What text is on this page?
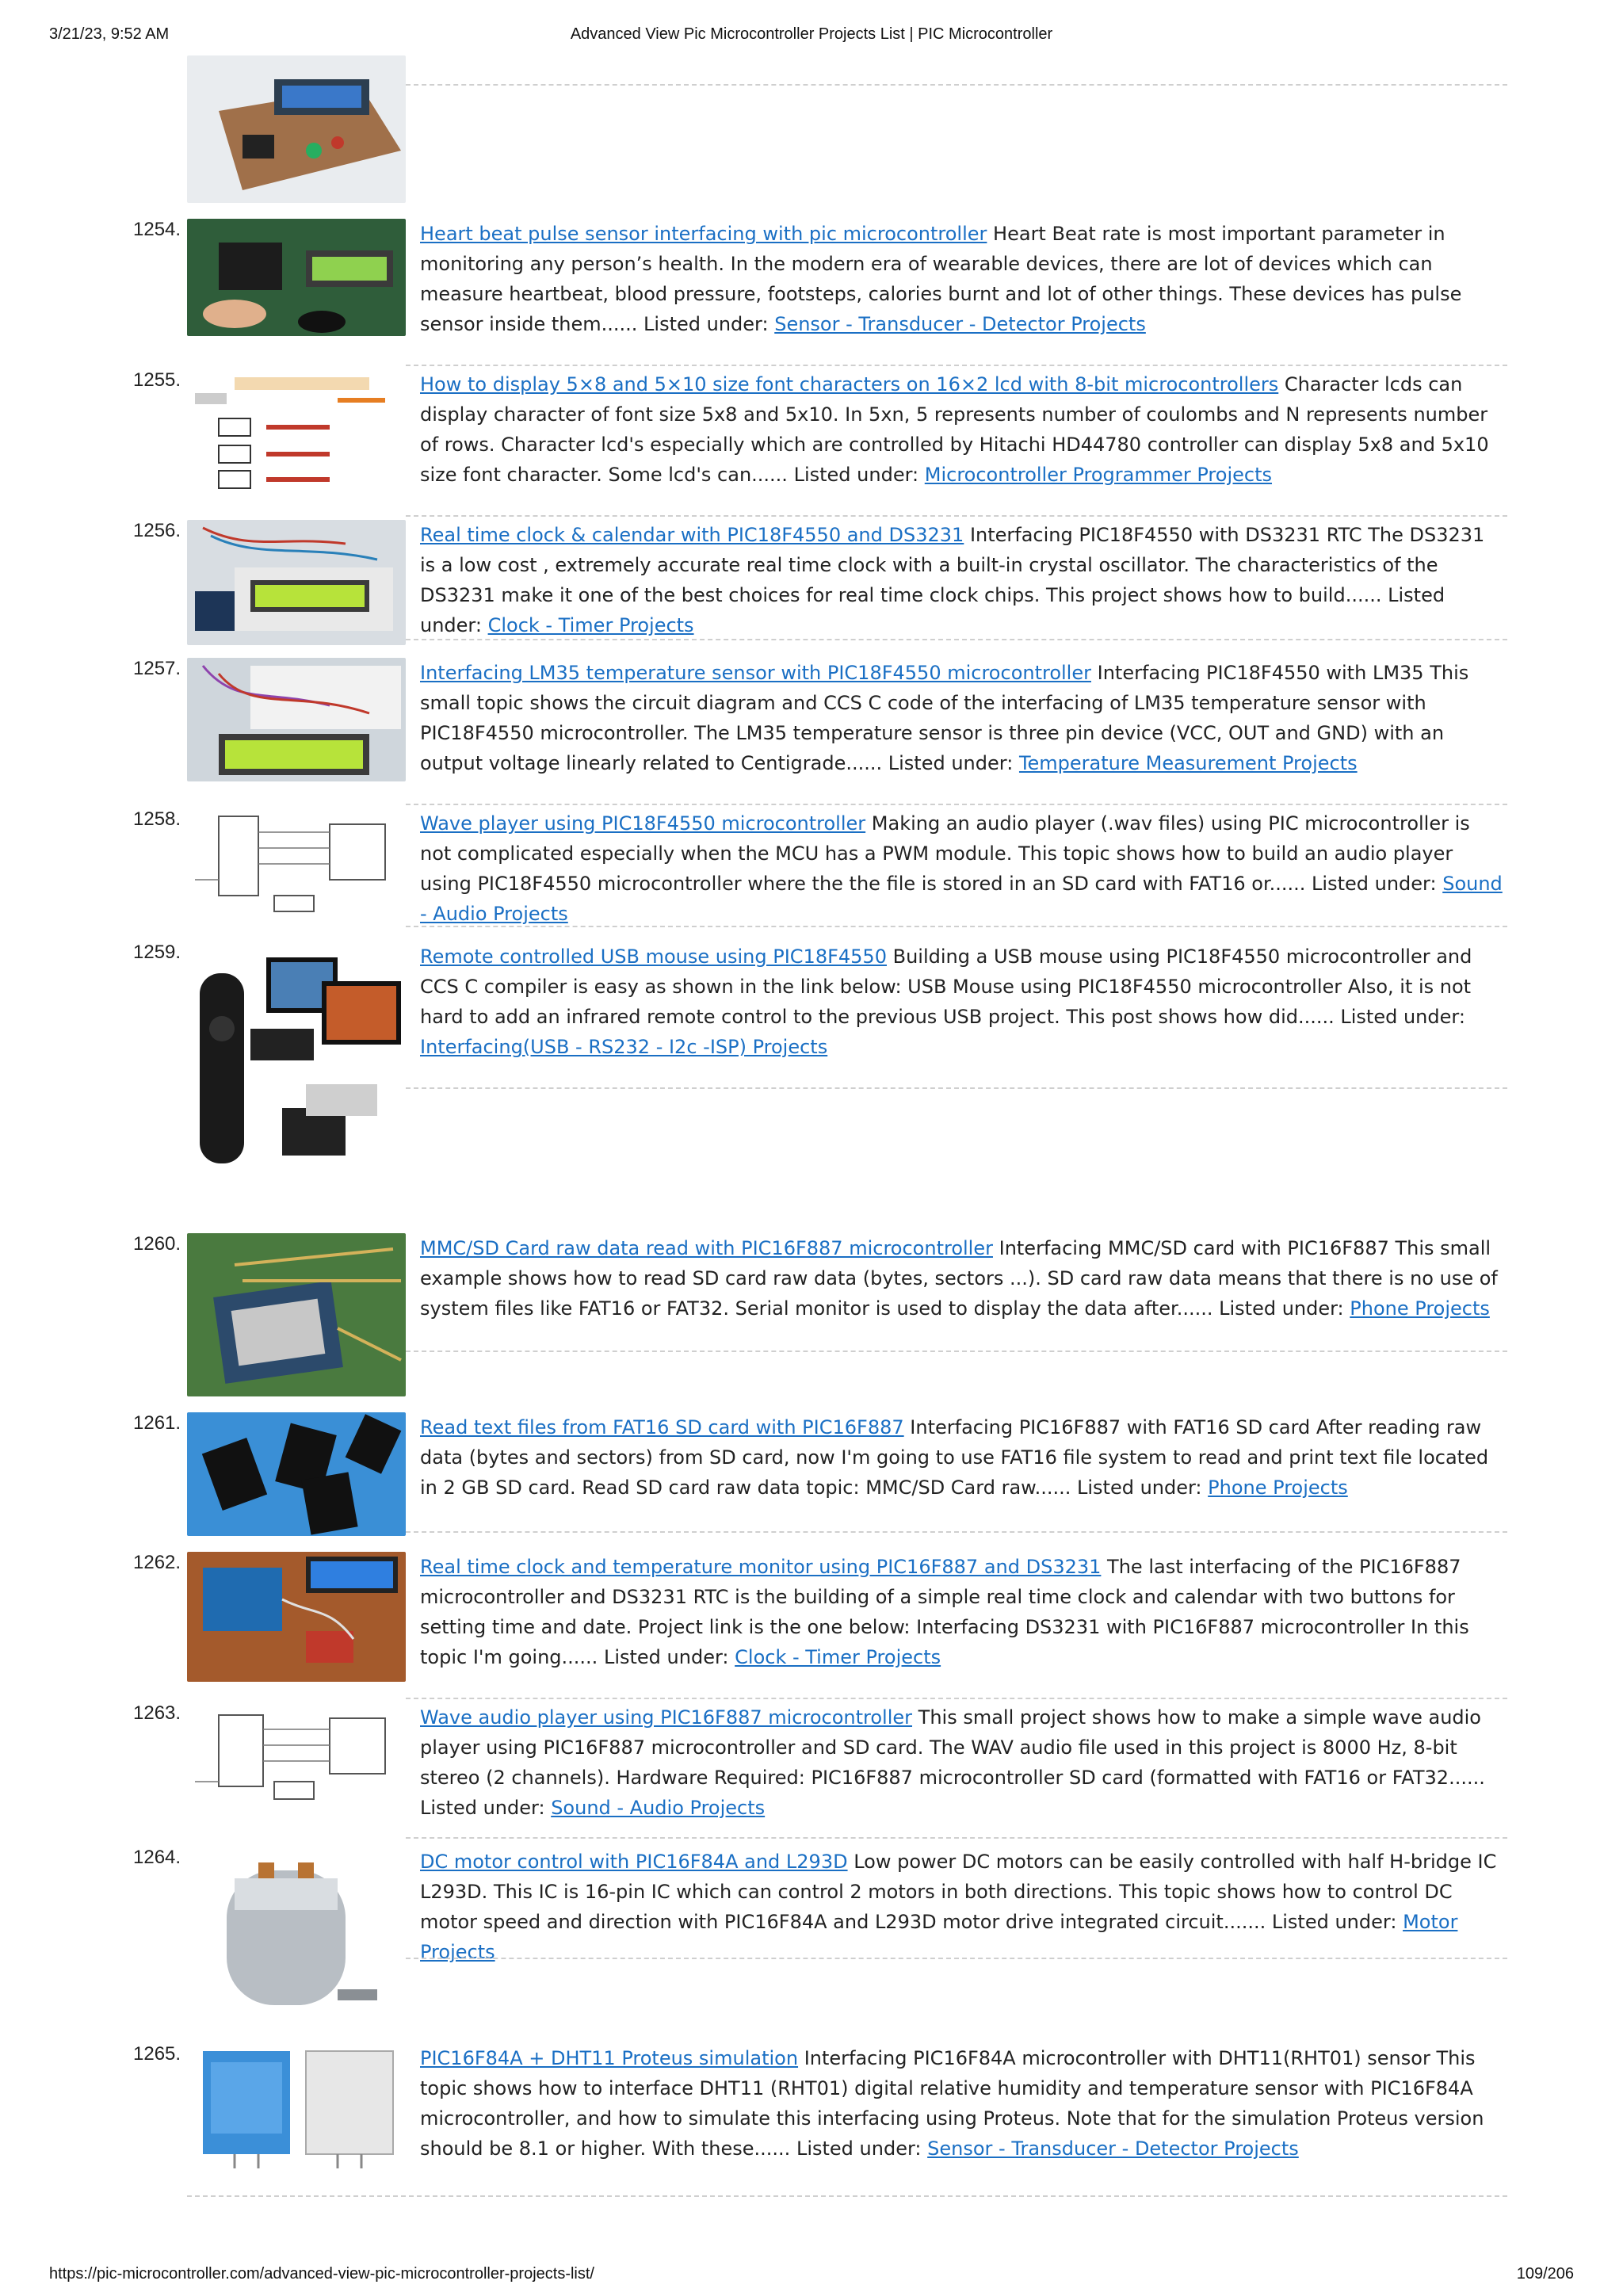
3/21/23, 9:52 AM	Advanced View Pic Microcontroller Projects List | PIC Microcontroller
1254.	Heart beat pulse sensor interfacing with pic microcontroller Heart Beat rate is most important parameter in monitoring any person’s health. In the modern era of wearable devices, there are lot of devices which can measure heartbeat, blood pressure, footsteps, calories burnt and lot of other things. These devices has pulse sensor inside them...... Listed under: Sensor - Transducer - Detector Projects
1255.	How to display 5×8 and 5×10 size font characters on 16×2 lcd with 8-bit microcontrollers Character lcds can display character of font size 5x8 and 5x10. In 5xn, 5 represents number of coulombs and N represents number of rows. Character lcd's especially which are controlled by Hitachi HD44780 controller can display 5x8 and 5x10 size font character. Some lcd's can...... Listed under: Microcontroller Programmer Projects
1256.	Real time clock & calendar with PIC18F4550 and DS3231 Interfacing PIC18F4550 with DS3231 RTC The DS3231 is a low cost , extremely accurate real time clock with a built-in crystal oscillator. The characteristics of the DS3231 make it one of the best choices for real time clock chips. This project shows how to build...... Listed under: Clock - Timer Projects
1257.	Interfacing LM35 temperature sensor with PIC18F4550 microcontroller Interfacing PIC18F4550 with LM35 This small topic shows the circuit diagram and CCS C code of the interfacing of LM35 temperature sensor with PIC18F4550 microcontroller. The LM35 temperature sensor is three pin device (VCC, OUT and GND) with an output voltage linearly related to Centigrade...... Listed under: Temperature Measurement Projects
1258.	Wave player using PIC18F4550 microcontroller Making an audio player (.wav files) using PIC microcontroller is not complicated especially when the MCU has a PWM module. This topic shows how to build an audio player using PIC18F4550 microcontroller where the the file is stored in an SD card with FAT16 or...... Listed under: Sound - Audio Projects
1259.	Remote controlled USB mouse using PIC18F4550 Building a USB mouse using PIC18F4550 microcontroller and CCS C compiler is easy as shown in the link below: USB Mouse using PIC18F4550 microcontroller Also, it is not hard to add an infrared remote control to the previous USB project. This post shows how did...... Listed under: Interfacing(USB - RS232 - I2c -ISP) Projects
1260.	MMC/SD Card raw data read with PIC16F887 microcontroller Interfacing MMC/SD card with PIC16F887 This small example shows how to read SD card raw data (bytes, sectors ...). SD card raw data means that there is no use of system files like FAT16 or FAT32. Serial monitor is used to display the data after...... Listed under: Phone Projects
1261.	Read text files from FAT16 SD card with PIC16F887 Interfacing PIC16F887 with FAT16 SD card After reading raw data (bytes and sectors) from SD card, now I'm going to use FAT16 file system to read and print text file located in 2 GB SD card. Read SD card raw data topic: MMC/SD Card raw...... Listed under: Phone Projects
1262.	Real time clock and temperature monitor using PIC16F887 and DS3231 The last interfacing of the PIC16F887 microcontroller and DS3231 RTC is the building of a simple real time clock and calendar with two buttons for setting time and date. Project link is the one below: Interfacing DS3231 with PIC16F887 microcontroller In this topic I'm going...... Listed under: Clock - Timer Projects
1263.	Wave audio player using PIC16F887 microcontroller This small project shows how to make a simple wave audio player using PIC16F887 microcontroller and SD card. The WAV audio file used in this project is 8000 Hz, 8-bit stereo (2 channels). Hardware Required: PIC16F887 microcontroller SD card (formatted with FAT16 or FAT32...... Listed under: Sound - Audio Projects
1264.	DC motor control with PIC16F84A and L293D Low power DC motors can be easily controlled with half H-bridge IC L293D. This IC is 16-pin IC which can control 2 motors in both directions. This topic shows how to control DC motor speed and direction with PIC16F84A and L293D motor drive integrated circuit....... Listed under: Motor Projects
1265.	PIC16F84A + DHT11 Proteus simulation Interfacing PIC16F84A microcontroller with DHT11(RHT01) sensor This topic shows how to interface DHT11 (RHT01) digital relative humidity and temperature sensor with PIC16F84A microcontroller, and how to simulate this interfacing using Proteus. Note that for the simulation Proteus version should be 8.1 or higher. With these...... Listed under: Sensor - Transducer - Detector Projects
https://pic-microcontroller.com/advanced-view-pic-microcontroller-projects-list/	109/206
